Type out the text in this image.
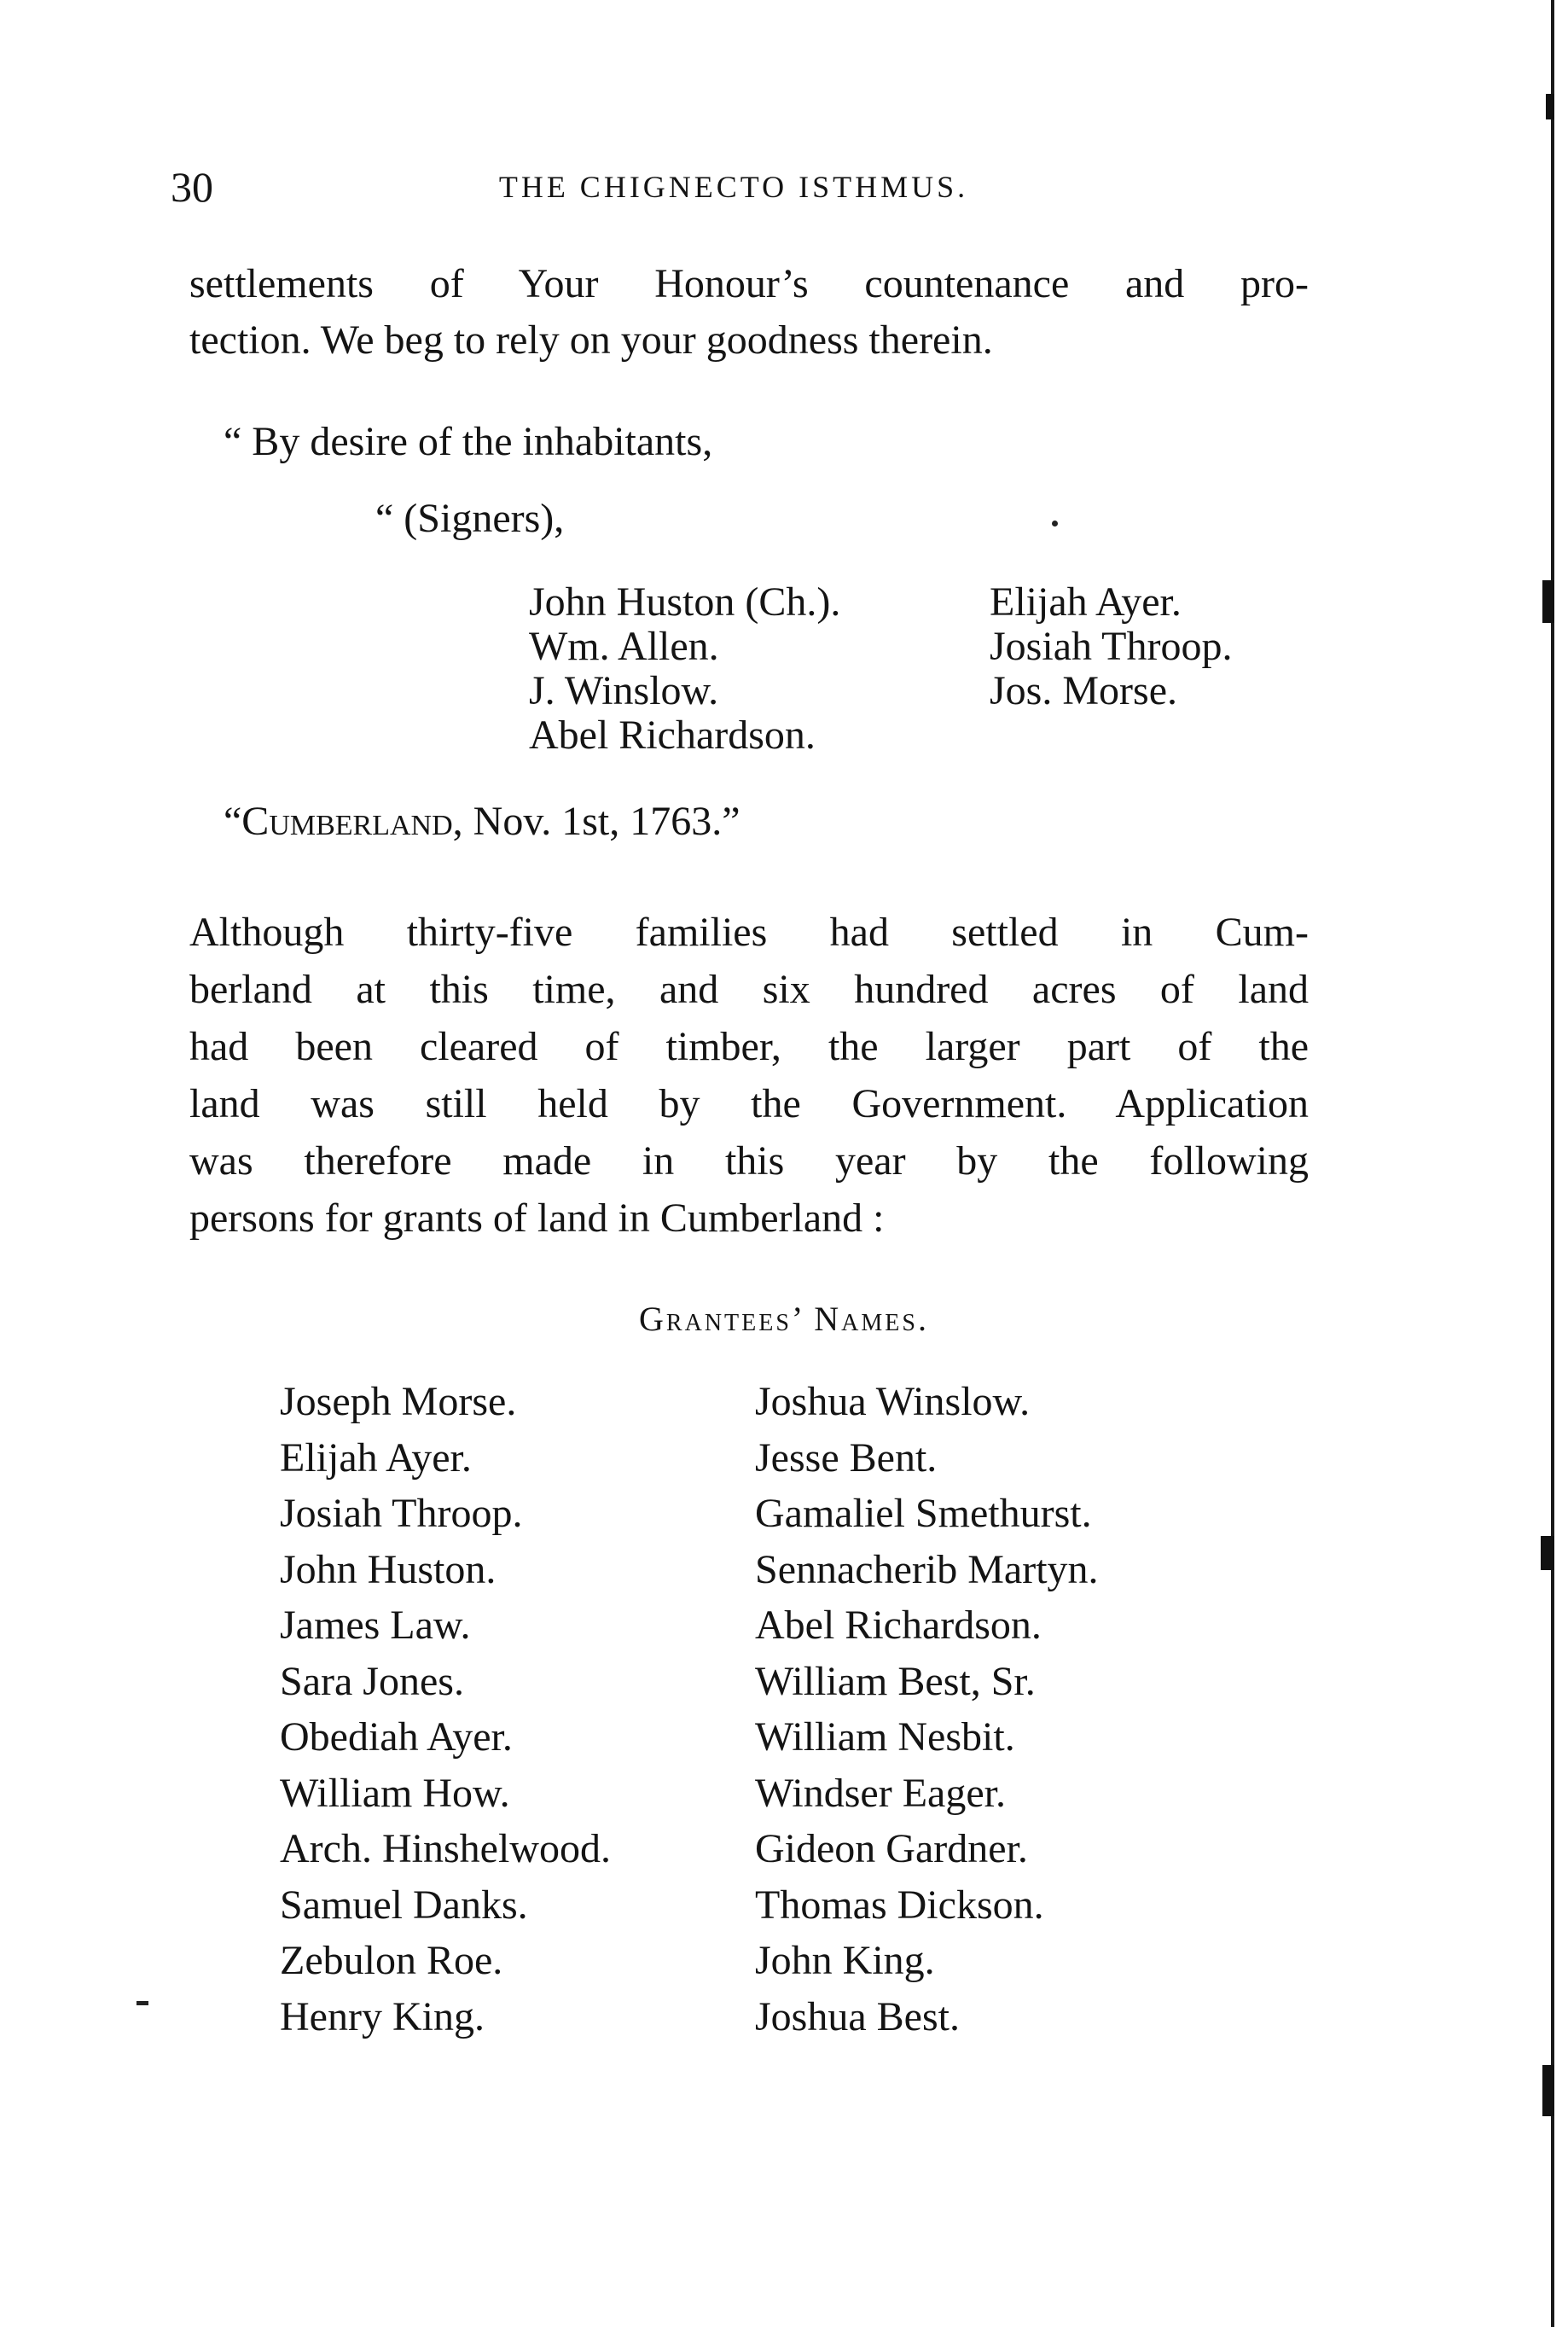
30	THE CHIGNECTO ISTHMUS.

settlements of Your Honour’s countenance and pro-

tection. We beg to rely on your goodness therein.

“ By desire of the inhabitants,

“ (Signers),

John Huston (Ch.).
Wm. Allen.
J. Winslow.
Abel Richardson.
Elijah Ayer.
Josiah Throop.
Jos. Morse.

“Cumberland, Nov. 1st, 1763.”

Although thirty-five families had settled in Cum-

berland at this time, and six hundred acres of land

had been cleared of timber, the larger part of the

land was still held by the Government. Application

was therefore made in this year by the following

persons for grants of land in Cumberland :

Grantees’ Names.

Joseph Morse.
Elijah Ayer.
Josiah Throop.
John Huston.
James Law.
Sara Jones.
Obediah Ayer.
William How.
Arch. Hinshelwood.
Samuel Danks.
Zebulon Roe.
Henry King.
Joshua Winslow.
Jesse Bent.
Gamaliel Smethurst.
Sennacherib Martyn.
Abel Richardson.
William Best, Sr.
William Nesbit.
Windser Eager.
Gideon Gardner.
Thomas Dickson.
John King.
Joshua Best.
